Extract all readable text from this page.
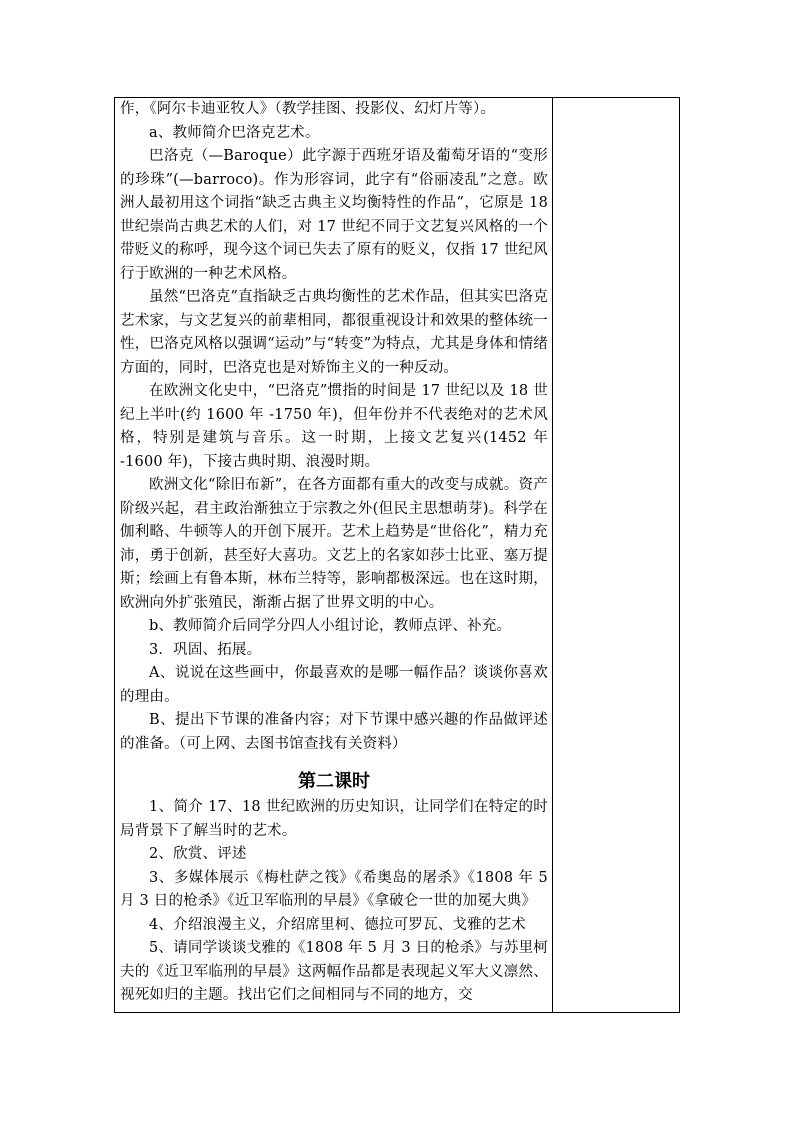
作，《阿尔卡迪亚牧人》（教学挂图、投影仪、幻灯片等）。

a、教师简介巴洛克艺术。

巴洛克（—Baroque）此字源于西班牙语及葡萄牙语的“变形的珍珠”(—barroco)。作为形容词，此字有“俗丽凌乱”之意。欧洲人最初用这个词指“缺乏古典主义均衡特性的作品”，它原是 18 世纪崇尚古典艺术的人们，对 17 世纪不同于文艺复兴风格的一个带贬义的称呼，现今这个词已失去了原有的贬义，仅指 17 世纪风行于欧洲的一种艺术风格。

虽然“巴洛克”直指缺乏古典均衡性的艺术作品，但其实巴洛克艺术家，与文艺复兴的前辈相同，都很重视设计和效果的整体统一性，巴洛克风格以强调“运动”与“转变”为特点，尤其是身体和情绪方面的，同时，巴洛克也是对矫饰主义的一种反动。

在欧洲文化史中，“巴洛克”惯指的时间是 17 世纪以及 18 世纪上半叶(约 1600 年 -1750 年)，但年份并不代表绝对的艺术风格，特别是建筑与音乐。这一时期，上接文艺复兴(1452 年 -1600 年)，下接古典时期、浪漫时期。

欧洲文化“除旧布新”，在各方面都有重大的改变与成就。资产阶级兴起，君主政治渐独立于宗教之外(但民主思想萌芽)。科学在伽利略、牛顿等人的开创下展开。艺术上趋势是“世俗化”，精力充沛，勇于创新，甚至好大喜功。文艺上的名家如莎士比亚、塞万提斯；绘画上有鲁本斯，林布兰特等，影响都极深远。也在这时期，欧洲向外扩张殖民，渐渐占据了世界文明的中心。

b、教师简介后同学分四人小组讨论，教师点评、补充。

3．巩固、拓展。

A、说说在这些画中，你最喜欢的是哪一幅作品？谈谈你喜欢的理由。

B、提出下节课的准备内容；对下节课中感兴趣的作品做评述的准备。（可上网、去图书馆查找有关资料）

第二课时

1、简介 17、18 世纪欧洲的历史知识，让同学们在特定的时局背景下了解当时的艺术。

2、欣赏、评述

3、多媒体展示《梅杜萨之筏》《希奥岛的屠杀》《1808 年 5 月 3 日的枪杀》《近卫军临刑的早晨》《拿破仑一世的加冕大典》

4、介绍浪漫主义，介绍席里柯、德拉可罗瓦、戈雅的艺术

5、请同学谈谈戈雅的《1808 年 5 月 3 日的枪杀》与苏里柯夫的《近卫军临刑的早晨》这两幅作品都是表现起义军大义凛然、视死如归的主题。找出它们之间相同与不同的地方，交
